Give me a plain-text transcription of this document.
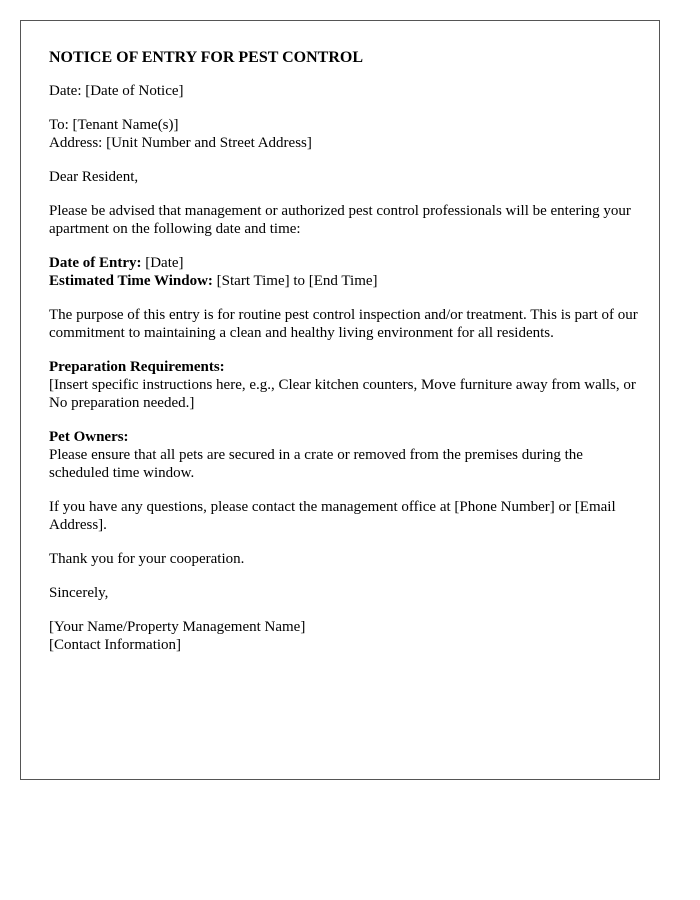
NOTICE OF ENTRY FOR PEST CONTROL

Date: [Date of Notice]

To: [Tenant Name(s)]
Address: [Unit Number and Street Address]

Dear Resident,

Please be advised that management or authorized pest control professionals will be entering your apartment on the following date and time:

Date of Entry: [Date]
Estimated Time Window: [Start Time] to [End Time]

The purpose of this entry is for routine pest control inspection and/or treatment. This is part of our commitment to maintaining a clean and healthy living environment for all residents.

Preparation Requirements:
[Insert specific instructions here, e.g., Clear kitchen counters, Move furniture away from walls, or No preparation needed.]

Pet Owners:
Please ensure that all pets are secured in a crate or removed from the premises during the scheduled time window.

If you have any questions, please contact the management office at [Phone Number] or [Email Address].

Thank you for your cooperation.

Sincerely,

[Your Name/Property Management Name]
[Contact Information]
